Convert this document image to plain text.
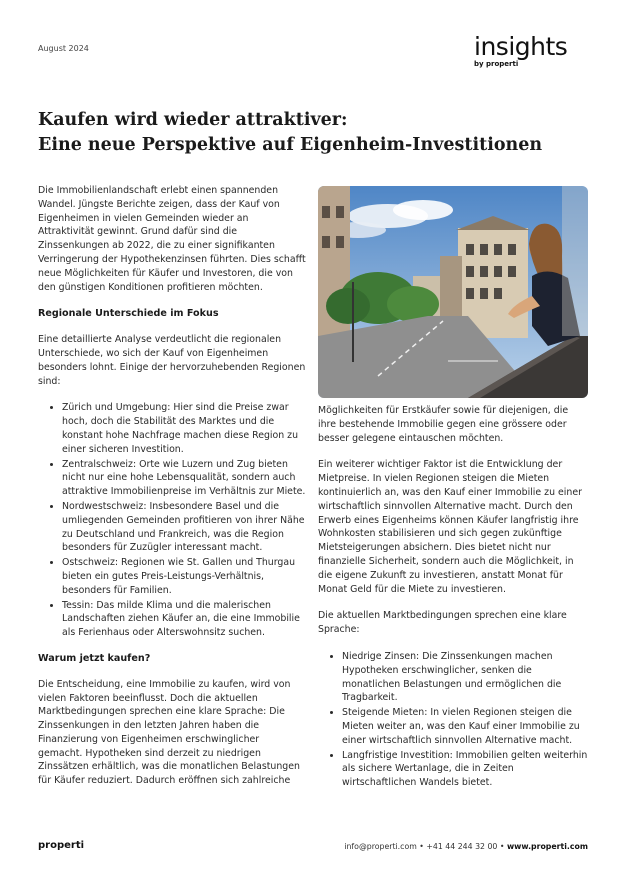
August 2024	insights
by properti
Kaufen wird wieder attraktiver:
Eine neue Perspektive auf Eigenheim-Investitionen

Die Immobilienlandschaft erlebt einen spannenden Wandel. Jüngste Berichte zeigen, dass der Kauf von Eigenheimen in vielen Gemeinden wieder an Attraktivität gewinnt. Grund dafür sind die Zinssenkungen ab 2022, die zu einer signifikanten Verringerung der Hypothekenzinsen führten. Dies schafft neue Möglichkeiten für Käufer und Investoren, die von den günstigen Konditionen profitieren möchten.

Regionale Unterschiede im Fokus

Eine detaillierte Analyse verdeutlicht die regionalen Unterschiede, wo sich der Kauf von Eigenheimen besonders lohnt. Einige der hervorzuhebenden Regionen sind:

• Zürich und Umgebung: Hier sind die Preise zwar hoch, doch die Stabilität des Marktes und die konstant hohe Nachfrage machen diese Region zu einer sicheren Investition.
• Zentralschweiz: Orte wie Luzern und Zug bieten nicht nur eine hohe Lebensqualität, sondern auch attraktive Immobilienpreise im Verhältnis zur Miete.
• Nordwestschweiz: Insbesondere Basel und die umliegenden Gemeinden profitieren von ihrer Nähe zu Deutschland und Frankreich, was die Region besonders für Zuzügler interessant macht.
• Ostschweiz: Regionen wie St. Gallen und Thurgau bieten ein gutes Preis-Leistungs-Verhältnis, besonders für Familien.
• Tessin: Das milde Klima und die malerischen Landschaften ziehen Käufer an, die eine Immobilie als Ferienhaus oder Alterswohnsitz suchen.
Warum jetzt kaufen?

Die Entscheidung, eine Immobilie zu kaufen, wird von vielen Faktoren beeinflusst. Doch die aktuellen Marktbedingungen sprechen eine klare Sprache: Die Zinssenkungen in den letzten Jahren haben die Finanzierung von Eigenheimen erschwinglicher gemacht. Hypotheken sind derzeit zu niedrigen Zinssätzen erhältlich, was die monatlichen Belastungen für Käufer reduziert. Dadurch eröffnen sich zahlreiche

Möglichkeiten für Erstkäufer sowie für diejenigen, die ihre bestehende Immobilie gegen eine grössere oder besser gelegene eintauschen möchten.

Ein weiterer wichtiger Faktor ist die Entwicklung der Mietpreise. In vielen Regionen steigen die Mieten kontinuierlich an, was den Kauf einer Immobilie zu einer wirtschaftlich sinnvollen Alternative macht. Durch den Erwerb eines Eigenheims können Käufer langfristig ihre Wohnkosten stabilisieren und sich gegen zukünftige Mietsteigerungen absichern. Dies bietet nicht nur finanzielle Sicherheit, sondern auch die Möglichkeit, in die eigene Zukunft zu investieren, anstatt Monat für Monat Geld für die Miete zu investieren.

Die aktuellen Marktbedingungen sprechen eine klare Sprache:

• Niedrige Zinsen: Die Zinssenkungen machen Hypotheken erschwinglicher, senken die monatlichen Belastungen und ermöglichen die Tragbarkeit.
• Steigende Mieten: In vielen Regionen steigen die Mieten weiter an, was den Kauf einer Immobilie zu einer wirtschaftlich sinnvollen Alternative macht.
• Langfristige Investition: Immobilien gelten weiterhin als sichere Wertanlage, die in Zeiten wirtschaftlichen Wandels bietet.
properti	info@properti.com • +41 44 244 32 00 • www.properti.com
